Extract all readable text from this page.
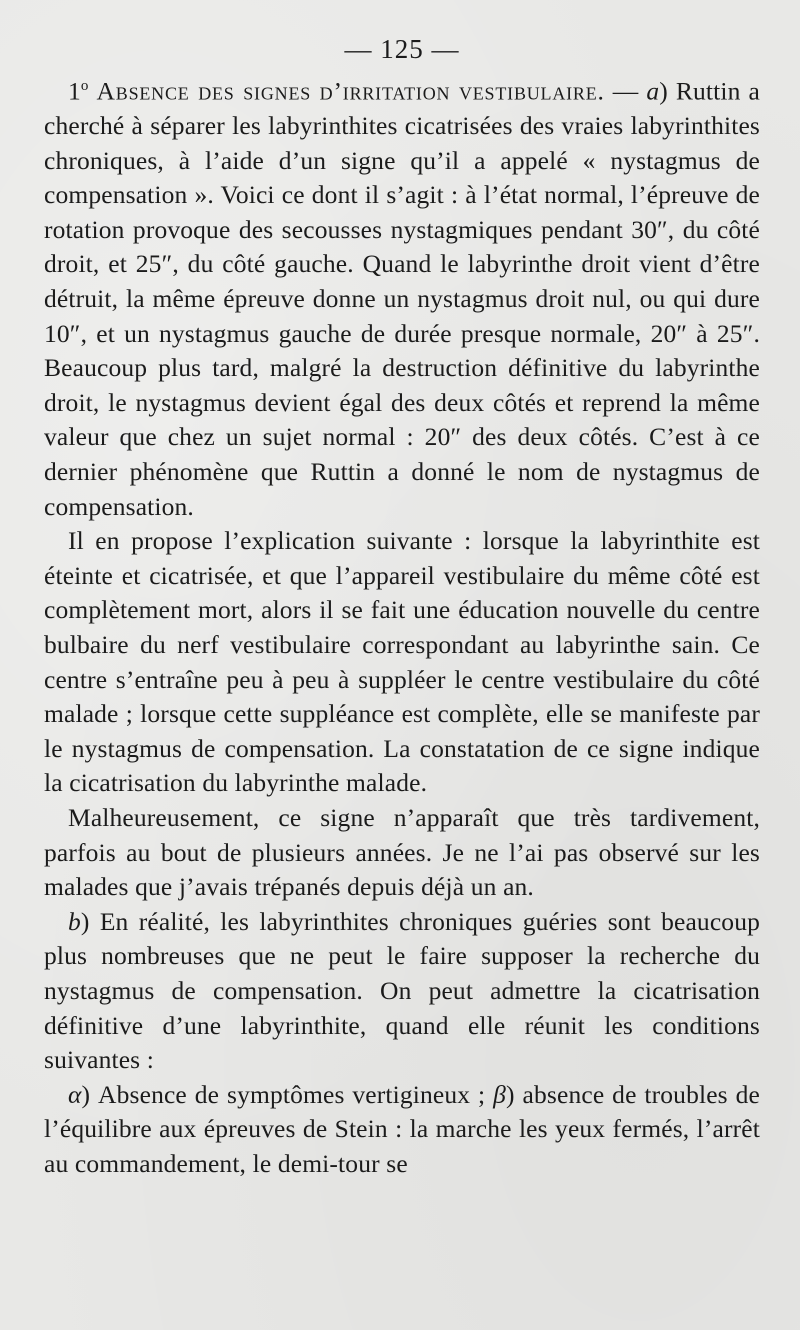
— 125 —

1$^o$ Absence des signes d’irritation vestibulaire. — a) Ruttin a cherché à séparer les labyrinthites cicatrisées des vraies labyrinthites chroniques, à l’aide d’un signe qu’il a appelé « nystagmus de compensation ». Voici ce dont il s’agit : à l’état normal, l’épreuve de rotation provoque des secousses nystagmiques pendant 30″, du côté droit, et 25″, du côté gauche. Quand le labyrinthe droit vient d’être détruit, la même épreuve donne un nystagmus droit nul, ou qui dure 10″, et un nystagmus gauche de durée presque normale, 20″ à 25″. Beaucoup plus tard, malgré la destruction définitive du labyrinthe droit, le nystagmus devient égal des deux côtés et reprend la même valeur que chez un sujet normal : 20″ des deux côtés. C’est à ce dernier phénomène que Ruttin a donné le nom de nystagmus de compensation.

Il en propose l’explication suivante : lorsque la labyrinthite est éteinte et cicatrisée, et que l’appareil vestibulaire du même côté est complètement mort, alors il se fait une éducation nouvelle du centre bulbaire du nerf vestibulaire correspondant au labyrinthe sain. Ce centre s’entraîne peu à peu à suppléer le centre vestibulaire du côté malade ; lorsque cette suppléance est complète, elle se manifeste par le nystagmus de compensation. La constatation de ce signe indique la cicatrisation du labyrinthe malade.

Malheureusement, ce signe n’apparaît que très tardivement, parfois au bout de plusieurs années. Je ne l’ai pas observé sur les malades que j’avais trépanés depuis déjà un an.

b) En réalité, les labyrinthites chroniques guéries sont beaucoup plus nombreuses que ne peut le faire supposer la recherche du nystagmus de compensation. On peut admettre la cicatrisation définitive d’une labyrinthite, quand elle réunit les conditions suivantes :

α) Absence de symptômes vertigineux ; β) absence de troubles de l’équilibre aux épreuves de Stein : la marche les yeux fermés, l’arrêt au commandement, le demi-tour se
